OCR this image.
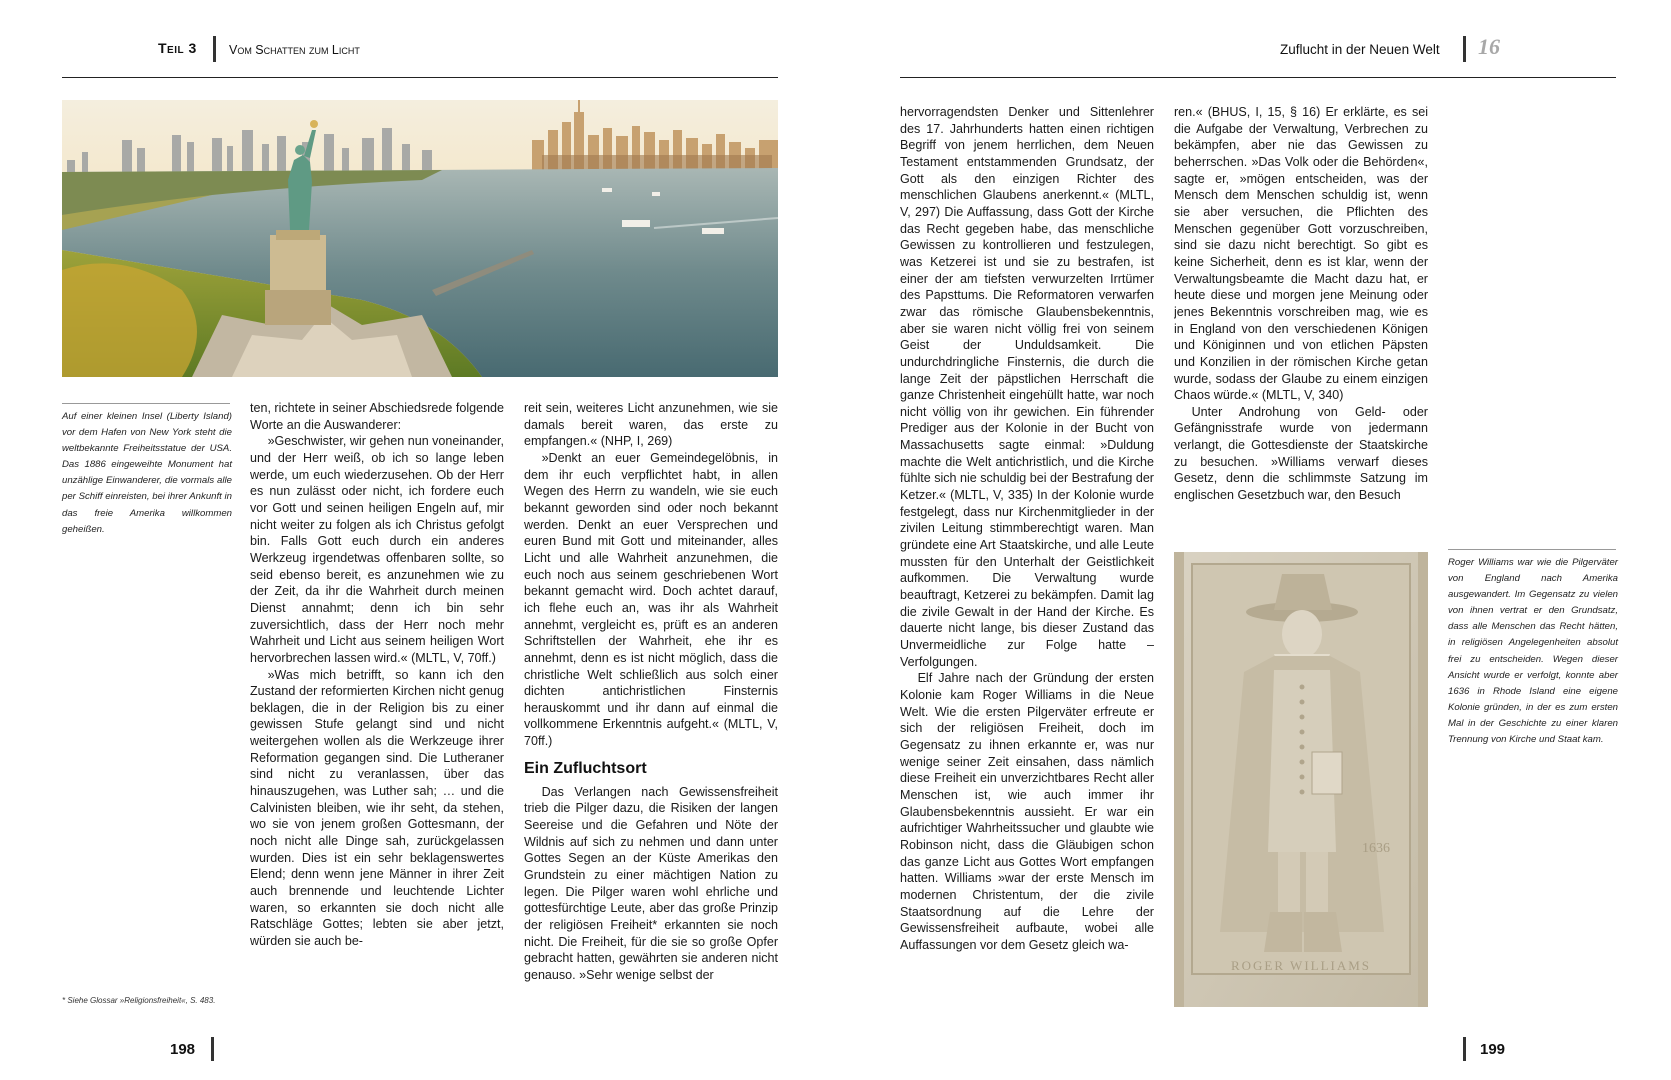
Teil 3	Vom Schatten zum Licht
Auf einer kleinen Insel (Liberty Island) vor dem Hafen von New York steht die weltbekannte Freiheitsstatue der USA. Das 1886 eingeweihte Monument hat unzählige Einwanderer, die vormals alle per Schiff einreisten, bei ihrer Ankunft in das freie Amerika willkommen geheißen.
* Siehe Glossar »Religionsfreiheit«, S. 483.

ten, richtete in seiner Abschiedsrede folgende Worte an die Auswanderer:

»Geschwister, wir gehen nun voneinander, und der Herr weiß, ob ich so lange leben werde, um euch wiederzusehen. Ob der Herr es nun zulässt oder nicht, ich fordere euch vor Gott und seinen heiligen Engeln auf, mir nicht weiter zu folgen als ich Christus gefolgt bin. Falls Gott euch durch ein anderes Werkzeug irgendetwas offenbaren sollte, so seid ebenso bereit, es anzunehmen wie zu der Zeit, da ihr die Wahrheit durch meinen Dienst annahmt; denn ich bin sehr zuversichtlich, dass der Herr noch mehr Wahrheit und Licht aus seinem heiligen Wort hervorbrechen lassen wird.« (MLTL, V, 70ff.)

»Was mich betrifft, so kann ich den Zustand der reformierten Kirchen nicht genug beklagen, die in der Religion bis zu einer gewissen Stufe gelangt sind und nicht weitergehen wollen als die Werkzeuge ihrer Reformation gegangen sind. Die Lutheraner sind nicht zu veranlassen, über das hinauszugehen, was Luther sah; … und die Calvinisten bleiben, wie ihr seht, da stehen, wo sie von jenem großen Gottesmann, der noch nicht alle Dinge sah, zurückgelassen wurden. Dies ist ein sehr beklagenswertes Elend; denn wenn jene Männer in ihrer Zeit auch brennende und leuchtende Lichter waren, so erkannten sie doch nicht alle Ratschläge Gottes; lebten sie aber jetzt, würden sie auch be-

reit sein, weiteres Licht anzunehmen, wie sie damals bereit waren, das erste zu empfangen.« (NHP, I, 269)

»Denkt an euer Gemeindegelöbnis, in dem ihr euch verpflichtet habt, in allen Wegen des Herrn zu wandeln, wie sie euch bekannt geworden sind oder noch bekannt werden. Denkt an euer Versprechen und euren Bund mit Gott und miteinander, alles Licht und alle Wahrheit anzunehmen, die euch noch aus seinem geschriebenen Wort bekannt gemacht wird. Doch achtet darauf, ich flehe euch an, was ihr als Wahrheit annehmt, vergleicht es, prüft es an anderen Schriftstellen der Wahrheit, ehe ihr es annehmt, denn es ist nicht möglich, dass die christliche Welt schließlich aus solch einer dichten antichristlichen Finsternis herauskommt und ihr dann auf einmal die vollkommene Erkenntnis aufgeht.« (MLTL, V, 70ff.)

Ein Zufluchtsort

Das Verlangen nach Gewissensfreiheit trieb die Pilger dazu, die Risiken der langen Seereise und die Gefahren und Nöte der Wildnis auf sich zu nehmen und dann unter Gottes Segen an der Küste Amerikas den Grundstein zu einer mächtigen Nation zu legen. Die Pilger waren wohl ehrliche und gottesfürchtige Leute, aber das große Prinzip der religiösen Freiheit* erkannten sie noch nicht. Die Freiheit, für die sie so große Opfer gebracht hatten, gewährten sie anderen nicht genauso. »Sehr wenige selbst der

198
Zuflucht in der Neuen Welt 16

hervorragendsten Denker und Sittenlehrer des 17. Jahrhunderts hatten einen richtigen Begriff von jenem herrlichen, dem Neuen Testament entstammenden Grundsatz, der Gott als den einzigen Richter des menschlichen Glaubens anerkennt.« (MLTL, V, 297) Die Auffassung, dass Gott der Kirche das Recht gegeben habe, das menschliche Gewissen zu kontrollieren und festzulegen, was Ketzerei ist und sie zu bestrafen, ist einer der am tiefsten verwurzelten Irrtümer des Papsttums. Die Reformatoren verwarfen zwar das römische Glaubensbekenntnis, aber sie waren nicht völlig frei von seinem Geist der Unduldsamkeit. Die undurchdringliche Finsternis, die durch die lange Zeit der päpstlichen Herrschaft die ganze Christenheit eingehüllt hatte, war noch nicht völlig von ihr gewichen. Ein führender Prediger aus der Kolonie in der Bucht von Massachusetts sagte einmal: »Duldung machte die Welt antichristlich, und die Kirche fühlte sich nie schuldig bei der Bestrafung der Ketzer.« (MLTL, V, 335) In der Kolonie wurde festgelegt, dass nur Kirchenmitglieder in der zivilen Leitung stimmberechtigt waren. Man gründete eine Art Staatskirche, und alle Leute mussten für den Unterhalt der Geistlichkeit aufkommen. Die Verwaltung wurde beauftragt, Ketzerei zu bekämpfen. Damit lag die zivile Gewalt in der Hand der Kirche. Es dauerte nicht lange, bis dieser Zustand das Unvermeidliche zur Folge hatte – Verfolgungen.

Elf Jahre nach der Gründung der ersten Kolonie kam Roger Williams in die Neue Welt. Wie die ersten Pilgerväter erfreute er sich der religiösen Freiheit, doch im Gegensatz zu ihnen erkannte er, was nur wenige seiner Zeit einsahen, dass nämlich diese Freiheit ein unverzichtbares Recht aller Menschen ist, wie auch immer ihr Glaubensbekenntnis aussieht. Er war ein aufrichtiger Wahrheitssucher und glaubte wie Robinson nicht, dass die Gläubigen schon das ganze Licht aus Gottes Wort empfangen hatten. Williams »war der erste Mensch im modernen Christentum, der die zivile Staatsordnung auf die Lehre der Gewissensfreiheit aufbaute, wobei alle Auffassungen vor dem Gesetz gleich wa-

ren.« (BHUS, I, 15, § 16) Er erklärte, es sei die Aufgabe der Verwaltung, Verbrechen zu bekämpfen, aber nie das Gewissen zu beherrschen. »Das Volk oder die Behörden«, sagte er, »mögen entscheiden, was der Mensch dem Menschen schuldig ist, wenn sie aber versuchen, die Pflichten des Menschen gegenüber Gott vorzuschreiben, sind sie dazu nicht berechtigt. So gibt es keine Sicherheit, denn es ist klar, wenn der Verwaltungsbeamte die Macht dazu hat, er heute diese und morgen jene Meinung oder jenes Bekenntnis vorschreiben mag, wie es in England von den verschiedenen Königen und Königinnen und von etlichen Päpsten und Konzilien in der römischen Kirche getan wurde, sodass der Glaube zu einem einzigen Chaos würde.« (MLTL, V, 340)

Unter Androhung von Geld- oder Gefängnisstrafe wurde von jedermann verlangt, die Gottesdienste der Staatskirche zu besuchen. »Williams verwarf dieses Gesetz, denn die schlimmste Satzung im englischen Gesetzbuch war, den Besuch

1636
ROGER WILLIAMS
Roger Williams war wie die Pilgerväter von England nach Amerika ausgewandert. Im Gegensatz zu vielen von ihnen vertrat er den Grundsatz, dass alle Menschen das Recht hätten, in religiösen Angelegenheiten absolut frei zu entscheiden. Wegen dieser Ansicht wurde er verfolgt, konnte aber 1636 in Rhode Island eine eigene Kolonie gründen, in der es zum ersten Mal in der Geschichte zu einer klaren Trennung von Kirche und Staat kam.
199
